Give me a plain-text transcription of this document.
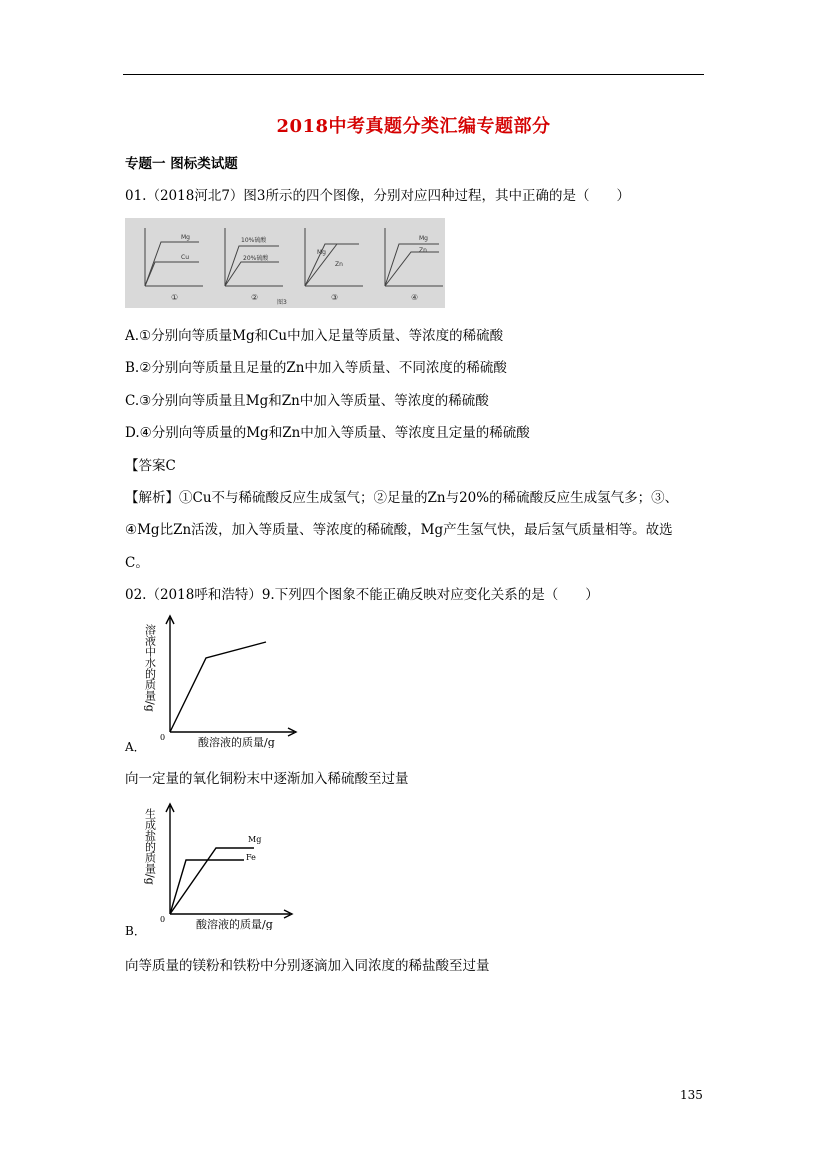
2018中考真题分类汇编专题部分
专题一 图标类试题
01.（2018河北7）图3所示的四个图像，分别对应四种过程，其中正确的是（　　）
Mg
Cu
10%硫酸
20%硫酸
Mg
Zn
Mg
Zn
①	②
图3
③	④
A.①分别向等质量Mg和Cu中加入足量等质量、等浓度的稀硫酸
B.②分别向等质量且足量的Zn中加入等质量、不同浓度的稀硫酸
C.③分别向等质量且Mg和Zn中加入等质量、等浓度的稀硫酸
D.④分别向等质量的Mg和Zn中加入等质量、等浓度且定量的稀硫酸
【答案C
【解析】①Cu不与稀硫酸反应生成氢气；②足量的Zn与20%的稀硫酸反应生成氢气多；③、
④Mg比Zn活泼，加入等质量、等浓度的稀硫酸，Mg产生氢气快，最后氢气质量相等。故选
C。
02.（2018呼和浩特）9.下列四个图象不能正确反映对应变化关系的是（　　）
0	酸溶液的质量/g
溶液中水的质量/g
A．
向一定量的氧化铜粉末中逐渐加入稀硫酸至过量
Mg
Fe
0	酸溶液的质量/g
生成盐的质量/g
B．
向等质量的镁粉和铁粉中分别逐滴加入同浓度的稀盐酸至过量
135
